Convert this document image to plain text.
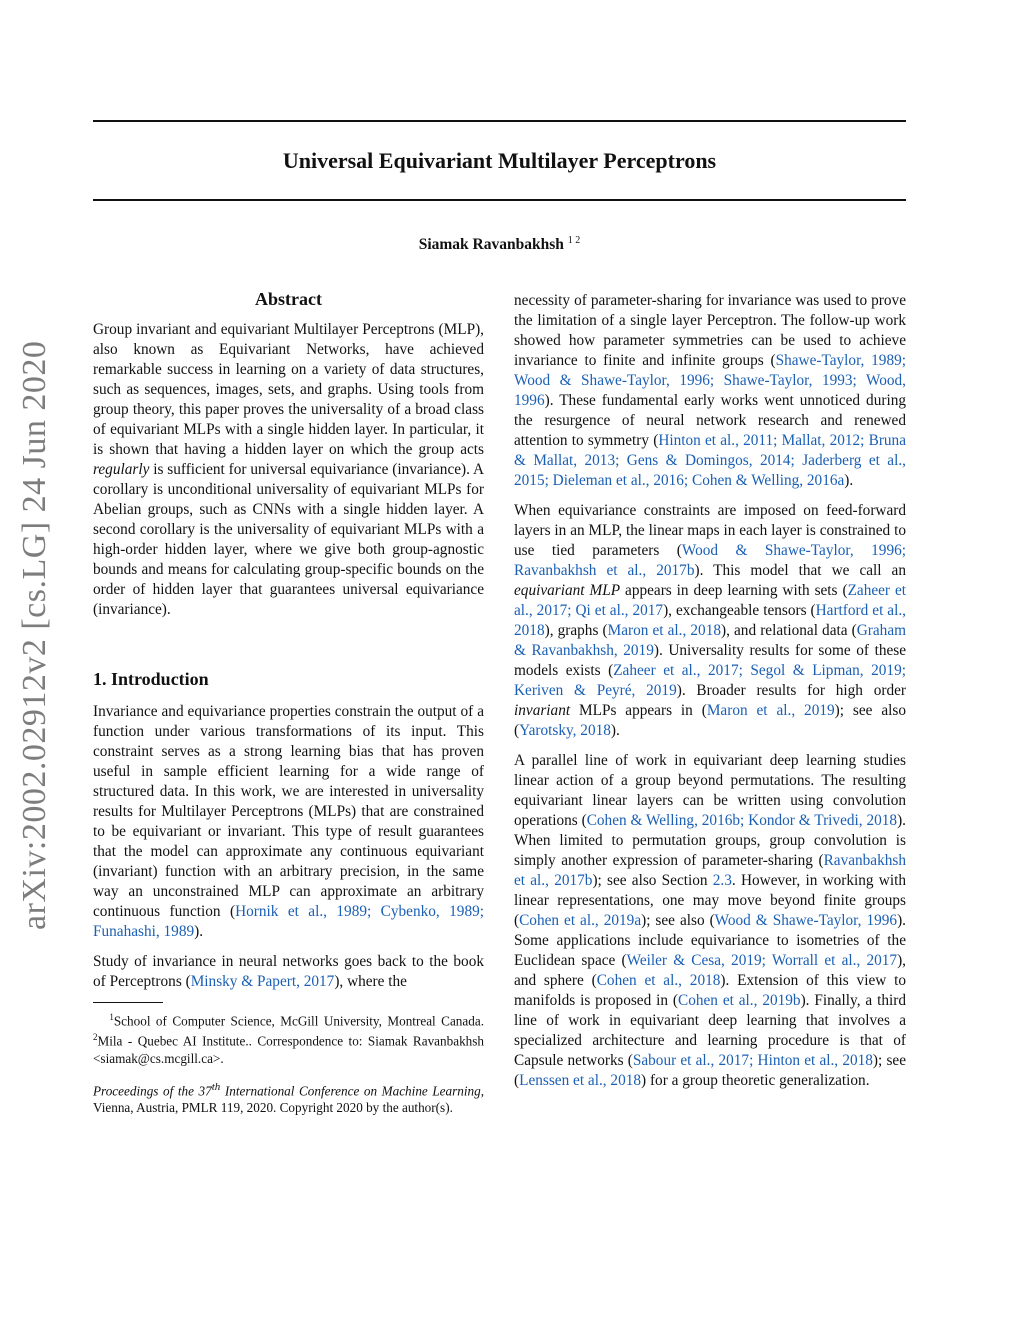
arXiv:2002.02912v2 [cs.LG] 24 Jun 2020
Universal Equivariant Multilayer Perceptrons
Siamak Ravanbakhsh $^{1 2}$
Abstract

Group invariant and equivariant Multilayer Perceptrons (MLP), also known as Equivariant Networks, have achieved remarkable success in learning on a variety of data structures, such as sequences, images, sets, and graphs. Using tools from group theory, this paper proves the universality of a broad class of equivariant MLPs with a single hidden layer. In particular, it is shown that having a hidden layer on which the group acts regularly is sufficient for universal equivariance (invariance). A corollary is unconditional universality of equivariant MLPs for Abelian groups, such as CNNs with a single hidden layer. A second corollary is the universality of equivariant MLPs with a high-order hidden layer, where we give both group-agnostic bounds and means for calculating group-specific bounds on the order of hidden layer that guarantees universal equivariance (invariance).

1. Introduction

Invariance and equivariance properties constrain the output of a function under various transformations of its input. This constraint serves as a strong learning bias that has proven useful in sample efficient learning for a wide range of structured data. In this work, we are interested in universality results for Multilayer Perceptrons (MLPs) that are constrained to be equivariant or invariant. This type of result guarantees that the model can approximate any continuous equivariant (invariant) function with an arbitrary precision, in the same way an unconstrained MLP can approximate an arbitrary continuous function (Hornik et al., 1989; Cybenko, 1989; Funahashi, 1989).

Study of invariance in neural networks goes back to the book of Perceptrons (Minsky & Papert, 2017), where the

$^1$School of Computer Science, McGill University, Montreal Canada. $^2$Mila - Quebec AI Institute.. Correspondence to: Siamak Ravanbakhsh <siamak@cs.mcgill.ca>.
Proceedings of the 37th International Conference on Machine Learning, Vienna, Austria, PMLR 119, 2020. Copyright 2020 by the author(s).

necessity of parameter-sharing for invariance was used to prove the limitation of a single layer Perceptron. The follow-up work showed how parameter symmetries can be used to achieve invariance to finite and infinite groups (Shawe-Taylor, 1989; Wood & Shawe-Taylor, 1996; Shawe-Taylor, 1993; Wood, 1996). These fundamental early works went unnoticed during the resurgence of neural network research and renewed attention to symmetry (Hinton et al., 2011; Mallat, 2012; Bruna & Mallat, 2013; Gens & Domingos, 2014; Jaderberg et al., 2015; Dieleman et al., 2016; Cohen & Welling, 2016a).

When equivariance constraints are imposed on feed-forward layers in an MLP, the linear maps in each layer is constrained to use tied parameters (Wood & Shawe-Taylor, 1996; Ravanbakhsh et al., 2017b). This model that we call an equivariant MLP appears in deep learning with sets (Zaheer et al., 2017; Qi et al., 2017), exchangeable tensors (Hartford et al., 2018), graphs (Maron et al., 2018), and relational data (Graham & Ravanbakhsh, 2019). Universality results for some of these models exists (Zaheer et al., 2017; Segol & Lipman, 2019; Keriven & Peyré, 2019). Broader results for high order invariant MLPs appears in (Maron et al., 2019); see also (Yarotsky, 2018).

A parallel line of work in equivariant deep learning studies linear action of a group beyond permutations. The resulting equivariant linear layers can be written using convolution operations (Cohen & Welling, 2016b; Kondor & Trivedi, 2018). When limited to permutation groups, group convolution is simply another expression of parameter-sharing (Ravanbakhsh et al., 2017b); see also Section 2.3. However, in working with linear representations, one may move beyond finite groups (Cohen et al., 2019a); see also (Wood & Shawe-Taylor, 1996). Some applications include equivariance to isometries of the Euclidean space (Weiler & Cesa, 2019; Worrall et al., 2017), and sphere (Cohen et al., 2018). Extension of this view to manifolds is proposed in (Cohen et al., 2019b). Finally, a third line of work in equivariant deep learning that involves a specialized architecture and learning procedure is that of Capsule networks (Sabour et al., 2017; Hinton et al., 2018); see (Lenssen et al., 2018) for a group theoretic generalization.
